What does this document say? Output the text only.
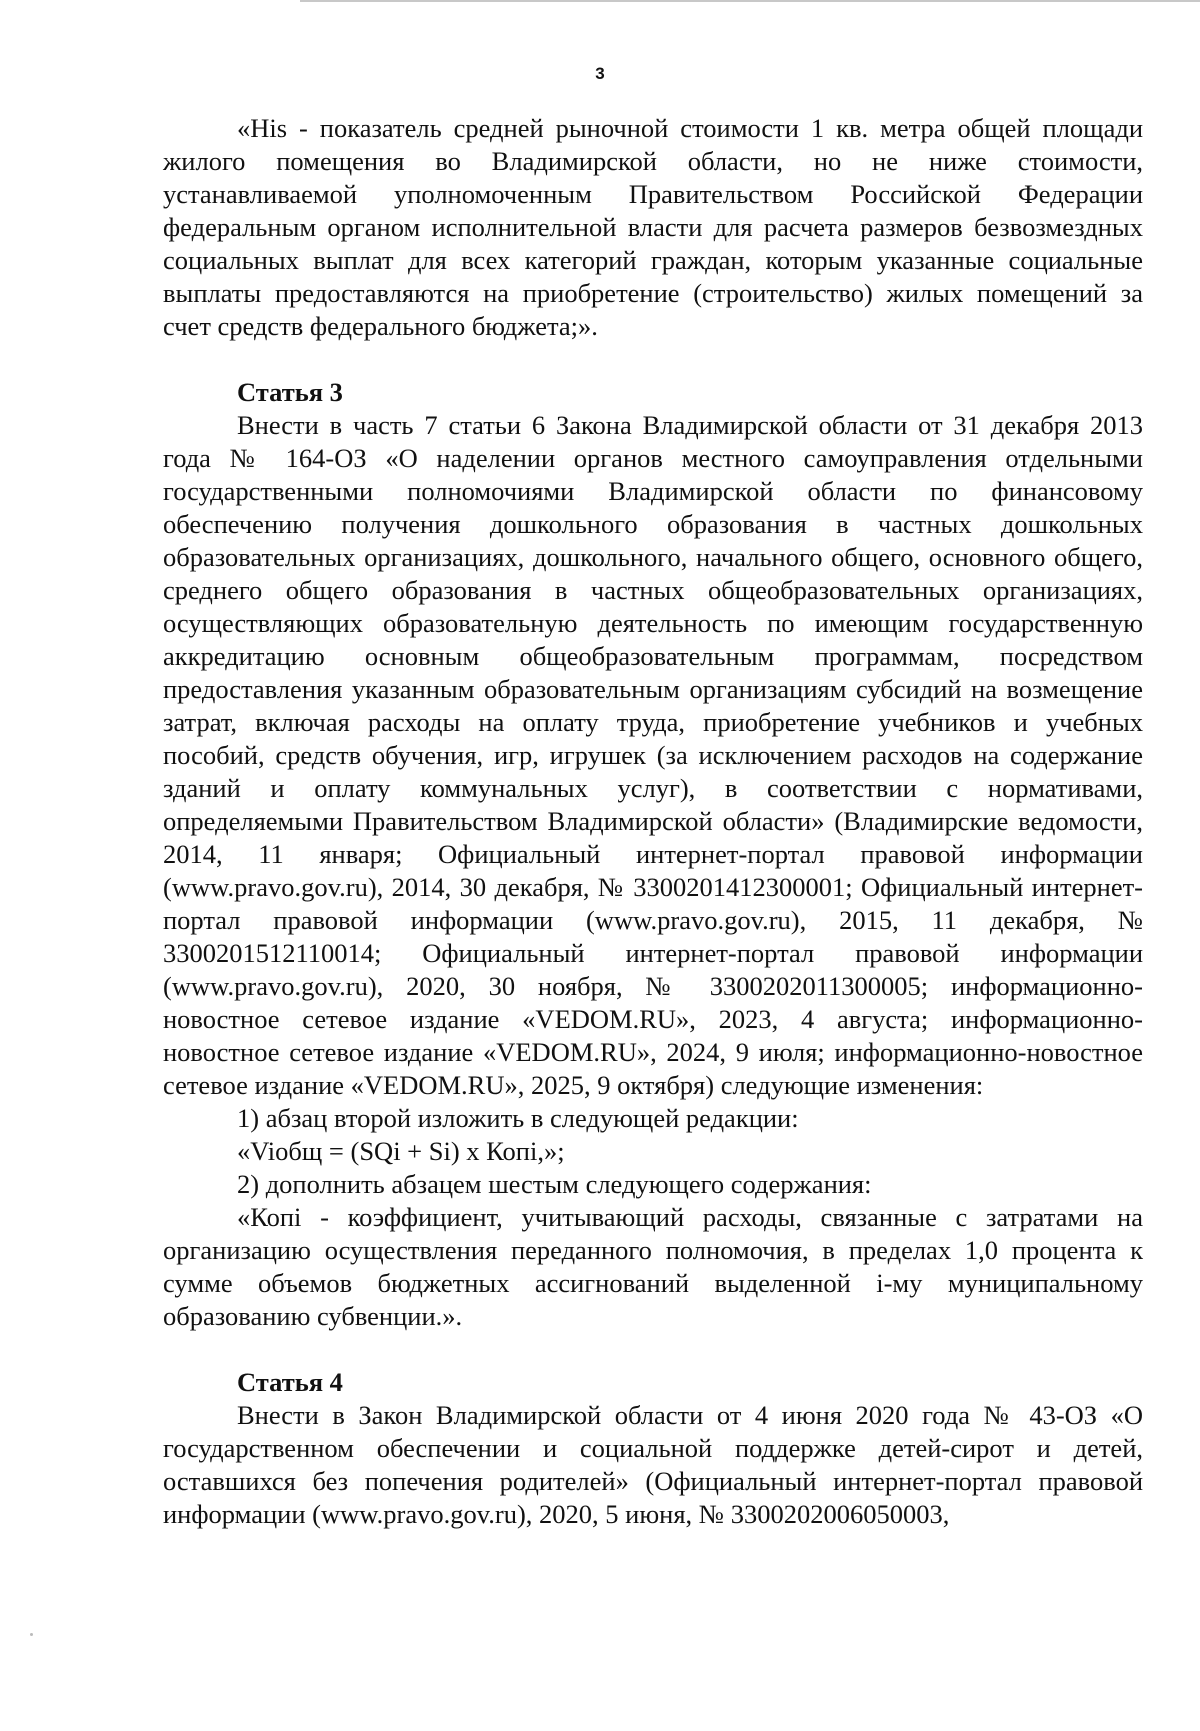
3

«His - показатель средней рыночной стоимости 1 кв. метра общей площади жилого помещения во Владимирской области, но не ниже стоимости, устанавливаемой уполномоченным Правительством Российской Федерации федеральным органом исполнительной власти для расчета размеров безвозмездных социальных выплат для всех категорий граждан, которым указанные социальные выплаты предоставляются на приобретение (строительство) жилых помещений за счет средств федерального бюджета;».

Статья 3

Внести в часть 7 статьи 6 Закона Владимирской области от 31 декабря 2013 года № 164-ОЗ «О наделении органов местного самоуправления отдельными государственными полномочиями Владимирской области по финансовому обеспечению получения дошкольного образования в частных дошкольных образовательных организациях, дошкольного, начального общего, основного общего, среднего общего образования в частных общеобразовательных организациях, осуществляющих образовательную деятельность по имеющим государственную аккредитацию основным общеобразовательным программам, посредством предоставления указанным образовательным организациям субсидий на возмещение затрат, включая расходы на оплату труда, приобретение учебников и учебных пособий, средств обучения, игр, игрушек (за исключением расходов на содержание зданий и оплату коммунальных услуг), в соответствии с нормативами, определяемыми Правительством Владимирской области» (Владимирские ведомости, 2014, 11 января; Официальный интернет-портал правовой информации (www.pravo.gov.ru), 2014, 30 декабря, № 3300201412300001; Официальный интернет-портал правовой информации (www.pravo.gov.ru), 2015, 11 декабря, № 3300201512110014; Официальный интернет-портал правовой информации (www.pravo.gov.ru), 2020, 30 ноября, № 3300202011300005; информационно-новостное сетевое издание «VEDOM.RU», 2023, 4 августа; информационно-новостное сетевое издание «VEDOM.RU», 2024, 9 июля; информационно-новостное сетевое издание «VEDOM.RU», 2025, 9 октября) следующие изменения:

1) абзац второй изложить в следующей редакции:

«Viобщ = (SQi + Si) x Копі,»;

2) дополнить абзацем шестым следующего содержания:

«Копі - коэффициент, учитывающий расходы, связанные с затратами на организацию осуществления переданного полномочия, в пределах 1,0 процента к сумме объемов бюджетных ассигнований выделенной і-му муниципальному образованию субвенции.».

Статья 4

Внести в Закон Владимирской области от 4 июня 2020 года № 43-ОЗ «О государственном обеспечении и социальной поддержке детей-сирот и детей, оставшихся без попечения родителей» (Официальный интернет-портал правовой информации (www.pravo.gov.ru), 2020, 5 июня, № 3300202006050003,
